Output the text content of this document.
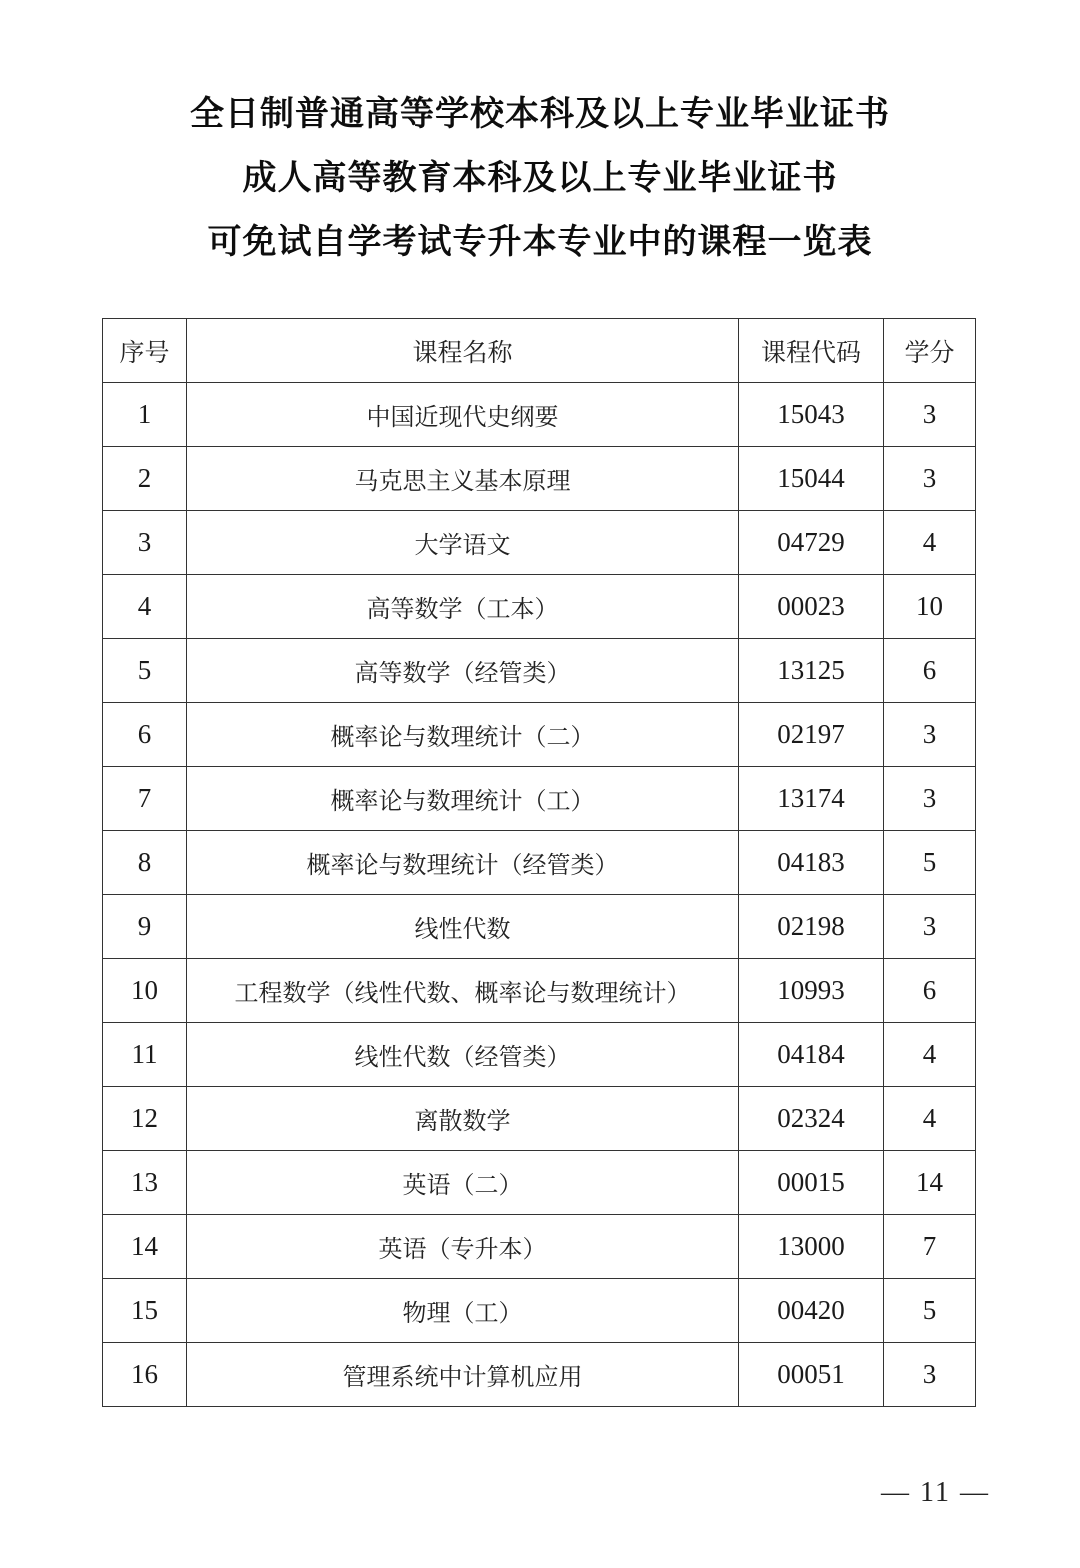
全日制普通高等学校本科及以上专业毕业证书
成人高等教育本科及以上专业毕业证书
可免试自学考试专升本专业中的课程一览表
序号	课程名称	课程代码	学分
1	中国近现代史纲要	15043	3
2	马克思主义基本原理	15044	3
3	大学语文	04729	4
4	高等数学（工本）	00023	10
5	高等数学（经管类）	13125	6
6	概率论与数理统计（二）	02197	3
7	概率论与数理统计（工）	13174	3
8	概率论与数理统计（经管类）	04183	5
9	线性代数	02198	3
10	工程数学（线性代数、概率论与数理统计）	10993	6
11	线性代数（经管类）	04184	4
12	离散数学	02324	4
13	英语（二）	00015	14
14	英语（专升本）	13000	7
15	物理（工）	00420	5
16	管理系统中计算机应用	00051	3
— 11 —
